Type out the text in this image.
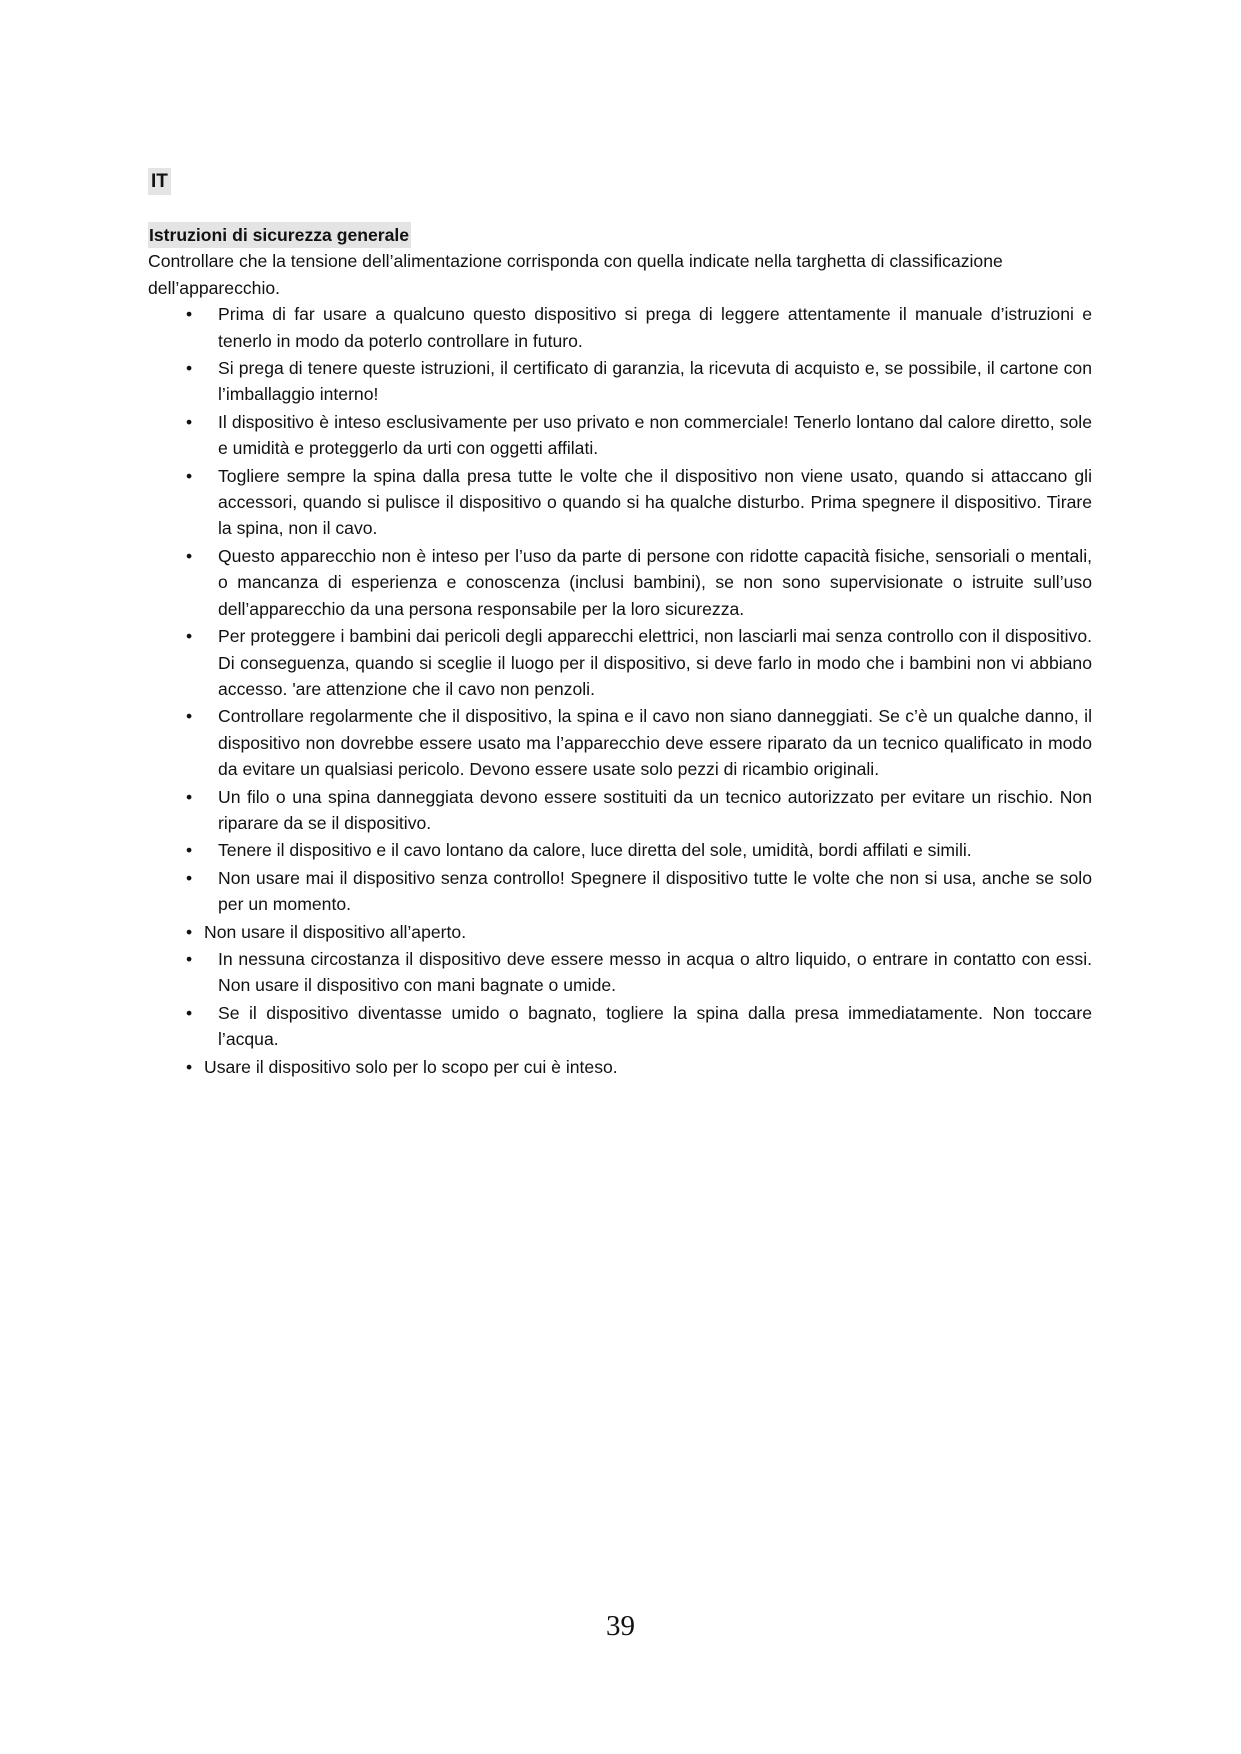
IT
Istruzioni di sicurezza generale

Controllare che la tensione dell’alimentazione corrisponda con quella indicate nella targhetta di classificazione dell’apparecchio.

• Prima di far usare a qualcuno questo dispositivo si prega di leggere attentamente il manuale d’istruzioni e tenerlo in modo da poterlo controllare in futuro.
• Si prega di tenere queste istruzioni, il certificato di garanzia, la ricevuta di acquisto e, se possibile, il cartone con l’imballaggio interno!
• Il dispositivo è inteso esclusivamente per uso privato e non commerciale! Tenerlo lontano dal calore diretto, sole e umidità e proteggerlo da urti con oggetti affilati.
• Togliere sempre la spina dalla presa tutte le volte che il dispositivo non viene usato, quando si attaccano gli accessori, quando si pulisce il dispositivo o quando si ha qualche disturbo. Prima spegnere il dispositivo. Tirare la spina, non il cavo.
• Questo apparecchio non è inteso per l’uso da parte di persone con ridotte capacità fisiche, sensoriali o mentali, o mancanza di esperienza e conoscenza (inclusi bambini), se non sono supervisionate o istruite sull’uso dell’apparecchio da una persona responsabile per la loro sicurezza.
• Per proteggere i bambini dai pericoli degli apparecchi elettrici, non lasciarli mai senza controllo con il dispositivo. Di conseguenza, quando si sceglie il luogo per il dispositivo, si deve farlo in modo che i bambini non vi abbiano accesso. 'are attenzione che il cavo non penzoli.
• Controllare regolarmente che il dispositivo, la spina e il cavo non siano danneggiati. Se c’è un qualche danno, il dispositivo non dovrebbe essere usato ma l’apparecchio deve essere riparato da un tecnico qualificato in modo da evitare un qualsiasi pericolo. Devono essere usate solo pezzi di ricambio originali.
• Un filo o una spina danneggiata devono essere sostituiti da un tecnico autorizzato per evitare un rischio. Non riparare da se il dispositivo.
• Tenere il dispositivo e il cavo lontano da calore, luce diretta del sole, umidità, bordi affilati e simili.
• Non usare mai il dispositivo senza controllo! Spegnere il dispositivo tutte le volte che non si usa, anche se solo per un momento.
• Non usare il dispositivo all’aperto.
• In nessuna circostanza il dispositivo deve essere messo in acqua o altro liquido, o entrare in contatto con essi. Non usare il dispositivo con mani bagnate o umide.
• Se il dispositivo diventasse umido o bagnato, togliere la spina dalla presa immediatamente. Non toccare l’acqua.
• Usare il dispositivo solo per lo scopo per cui è inteso.
39
